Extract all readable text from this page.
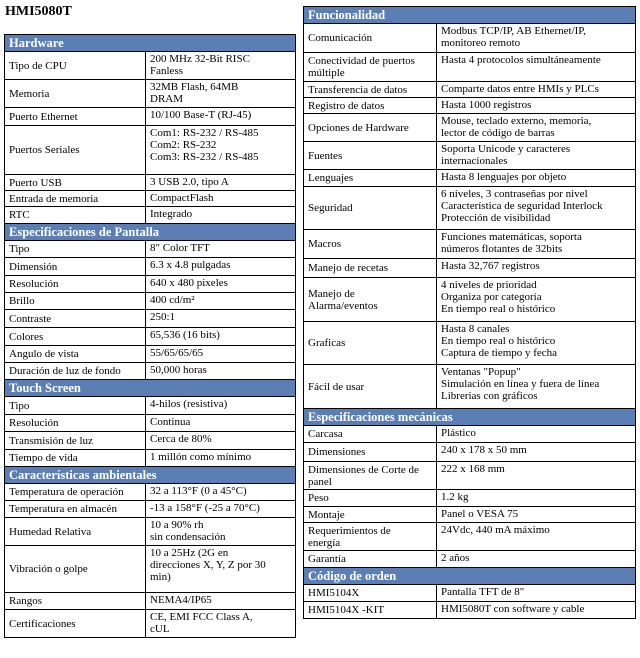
HMI5080T
Hardware	
Tipo de CPU	200 MHz 32-Bit RISC
Fanless
Memoria	32MB Flash, 64MB
DRAM
Puerto Ethernet	10/100 Base-T (RJ-45)
Puertos Seriales	Com1: RS-232 / RS-485
Com2: RS-232
Com3: RS-232 / RS-485
Puerto USB	3 USB 2.0, tipo A
Entrada de memoria	CompactFlash
RTC	Integrado
Especificaciones de Pantalla	
Tipo	8" Color TFT
Dimensión	6.3 x 4.8 pulgadas
Resolución	640 x 480 pixeles
Brillo	400 cd/m²
Contraste	250:1
Colores	65,536 (16 bits)
Angulo de vista	55/65/65/65
Duración de luz de fondo	50,000 horas
Touch Screen	
Tipo	4-hilos (resistiva)
Resolución	Continua
Transmisión de luz	Cerca de 80%
Tiempo de vida	1 millón como mínimo
Características ambientales	
Temperatura de operación	32 a 113°F (0 a 45°C)
Temperatura en almacén	-13 a 158°F (-25 a 70°C)
Humedad Relativa	10 a 90% rh
sin condensación
Vibración o golpe	10 a 25Hz (2G en
direcciones X, Y, Z por 30
min)
Rangos	NEMA4/IP65
Certificaciones	CE, EMI FCC Class A,
cUL
Funcionalidad	
Comunicación	Modbus TCP/IP, AB Ethernet/IP,
monitoreo remoto
Conectividad de puertos
múltiple	Hasta 4 protocolos simultáneamente
Transferencia de datos	Comparte datos entre HMIs y PLCs
Registro de datos	Hasta 1000 registros
Opciones de Hardware	Mouse, teclado externo, memoria,
lector de código de barras
Fuentes	Soporta Unicode y caracteres
internacionales
Lenguajes	Hasta 8 lenguajes por objeto
Seguridad	6 niveles, 3 contraseñas por nivel
Característica de seguridad Interlock
Protección de visibilidad
Macros	Funciones matemáticas, soporta
números flotantes de 32bits
Manejo de recetas	Hasta 32,767 registros
Manejo de
Alarma/eventos	4 niveles de prioridad
Organiza por categoría
En tiempo real o histórico
Graficas	Hasta 8 canales
En tiempo real o histórico
Captura de tiempo y fecha
Fácil de usar	Ventanas "Popup"
Simulación en línea y fuera de línea
Librerias con gráficos
Especificaciones mecánicas	
Carcasa	Plástico
Dimensiones	240 x 178 x 50 mm
Dimensiones de Corte de
panel	222 x 168 mm
Peso	1.2 kg
Montaje	Panel o VESA 75
Requerimientos de
energía	24Vdc, 440 mA máximo
Garantía	2 años
Código de orden	
HMI5104X	Pantalla TFT de 8"
HMI5104X -KIT	HMI5080T con software y cable
